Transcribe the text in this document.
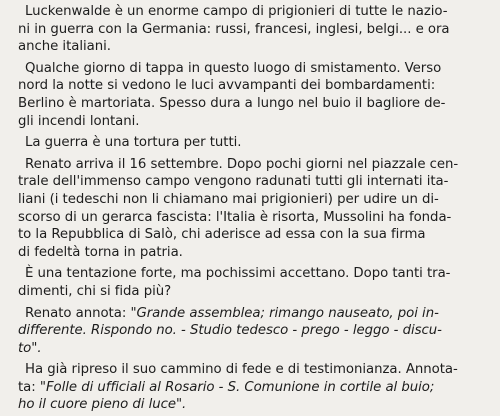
Luckenwalde è un enorme campo di prigionieri di tutte le nazio-
ni in guerra con la Germania: russi, francesi, inglesi, belgi... e ora
anche italiani.
Qualche giorno di tappa in questo luogo di smistamento. Verso
nord la notte si vedono le luci avvampanti dei bombardamenti:
Berlino è martoriata. Spesso dura a lungo nel buio il bagliore de-
gli incendi lontani.
La guerra è una tortura per tutti.
Renato arriva il 16 settembre. Dopo pochi giorni nel piazzale cen-
trale dell'immenso campo vengono radunati tutti gli internati ita-
liani (i tedeschi non li chiamano mai prigionieri) per udire un di-
scorso di un gerarca fascista: l'Italia è risorta, Mussolini ha fonda-
to la Repubblica di Salò, chi aderisce ad essa con la sua firma
di fedeltà torna in patria.
È una tentazione forte, ma pochissimi accettano. Dopo tanti tra-
dimenti, chi si fida più?
Renato annota: "Grande assemblea; rimango nauseato, poi in-
differente. Rispondo no. - Studio tedesco - prego - leggo - discu-
to".
Ha già ripreso il suo cammino di fede e di testimonianza. Annota-
ta: "Folle di ufficiali al Rosario - S. Comunione in cortile al buio;
ho il cuore pieno di luce".
